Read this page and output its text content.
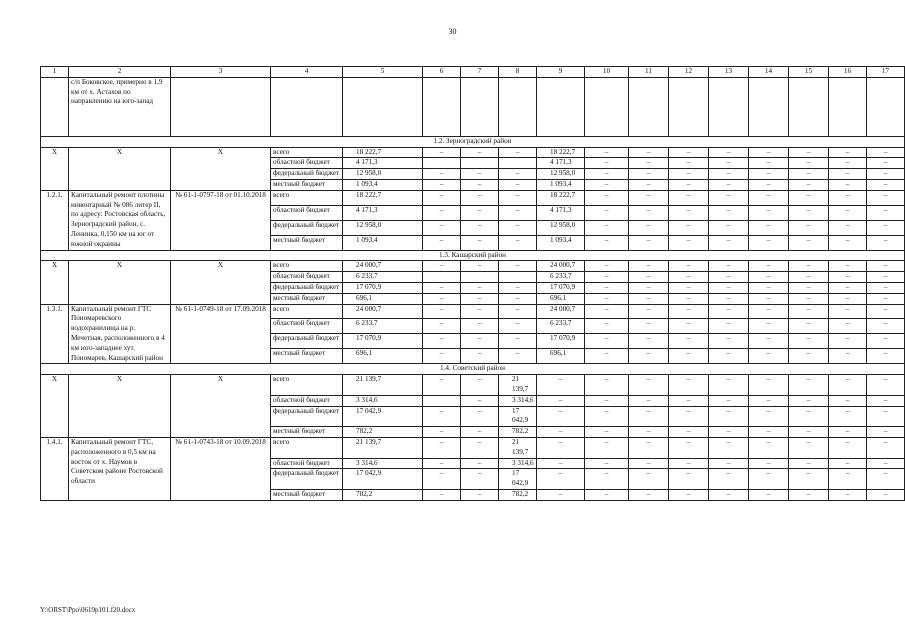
30
1	2	3	4	5	6	7	8	9	10	11	12	13	14	15	16	17
	с/п Боковское, примерно в 1,9 км от х. Астахов по направлению на юго-запад															
1.2. Зерноградский район																
Х	Х	Х	всего	18 222,7	–	–	–	18 222,7	–	–	–	–	–	–	–	–
			областной бюджет	4 171,3				4 171,3	–	–	–	–	–	–	–	–
			федеральный бюджет	12 958,0	–	–	–	12 958,0	–	–	–	–	–	–	–	–
			местный бюджет	1 093,4	–	–	–	1 093,4	–	–	–	–	–	–	–	–
1.2.1.	Капитальный ремонт плотины инвентарный № 086 литер II, по адресу: Ростовская область, Зерноградский район, с. Ленинка, 0,150 км на юг от южной окраины	№ 61-1-0797-18 от 01.10.2018	всего	18 222,7	–	–	–	18 222,7	–	–	–	–	–	–	–	–
			областной бюджет	4 171,3	–	–	–	4 171,3	–	–	–	–	–	–	–	–
			федеральный бюджет	12 958,0	–	–	–	12 958,0	–	–	–	–	–	–	–	–
			местный бюджет	1 093,4	–	–	–	1 093,4	–	–	–	–	–	–	–	–
1.3. Кашарский район																
Х	Х	Х	всего	24 000,7	–	–	–	24 000,7	–	–	–	–	–	–	–	–
			областной бюджет	6 233,7				6 233,7	–	–	–	–	–	–	–	–
			федеральный бюджет	17 070,9	–	–	–	17 070,9	–	–	–	–	–	–	–	–
			местный бюджет	696,1	–	–	–	696,1	–	–	–	–	–	–	–	–
1.3.1.	Капитальный ремонт ГТС Пономаревского водохранилища на р. Мечетная, расположенного в 4 км юго-западнее хут. Пономарев, Кашарский район	№ 61-1-0749-18 от 17.09.2018	всего	24 000,7	–	–	–	24 000,7	–	–	–	–	–	–	–	–
			областной бюджет	6 233,7	–	–	–	6 233,7	–	–	–	–	–	–	–	–
			федеральный бюджет	17 070,9	–	–	–	17 070,9	–	–	–	–	–	–	–	–
			местный бюджет	696,1	–	–	–	696,1	–	–	–	–	–	–	–	–
1.4. Советский район																
Х	Х	Х	всего	21 139,7	–	–	21 139,7	–	–	–	–	–	–	–	–	–
			областной бюджет	3 314,6		–	3 314,6	–	–	–	–	–	–	–	–	–
			федеральный бюджет	17 042,9	–	–	17 042,9	–	–	–	–	–	–	–	–	–
			местный бюджет	782,2	–	–	782,2	–	–	–	–	–	–	–	–	–
1.4.1.	Капитальный ремонт ГТС, расположенного в 0,5 км на восток от х. Наумов в Советском районе Ростовской области	№ 61-1-0743-18 от 10.09.2018	всего	21 139,7	–	–	21 139,7	–	–	–	–	–	–	–	–	–
			областной бюджет	3 314,6	–	–	3 314,6	–	–	–	–	–	–	–	–	–
			федеральный бюджет	17 042,9	–	–	17 042,9	–	–	–	–	–	–	–	–	–
			местный бюджет	782,2	–	–	782,2	–	–	–	–	–	–	–	–	–
Y:\ORST\Ppo\0619p101.f20.docx
